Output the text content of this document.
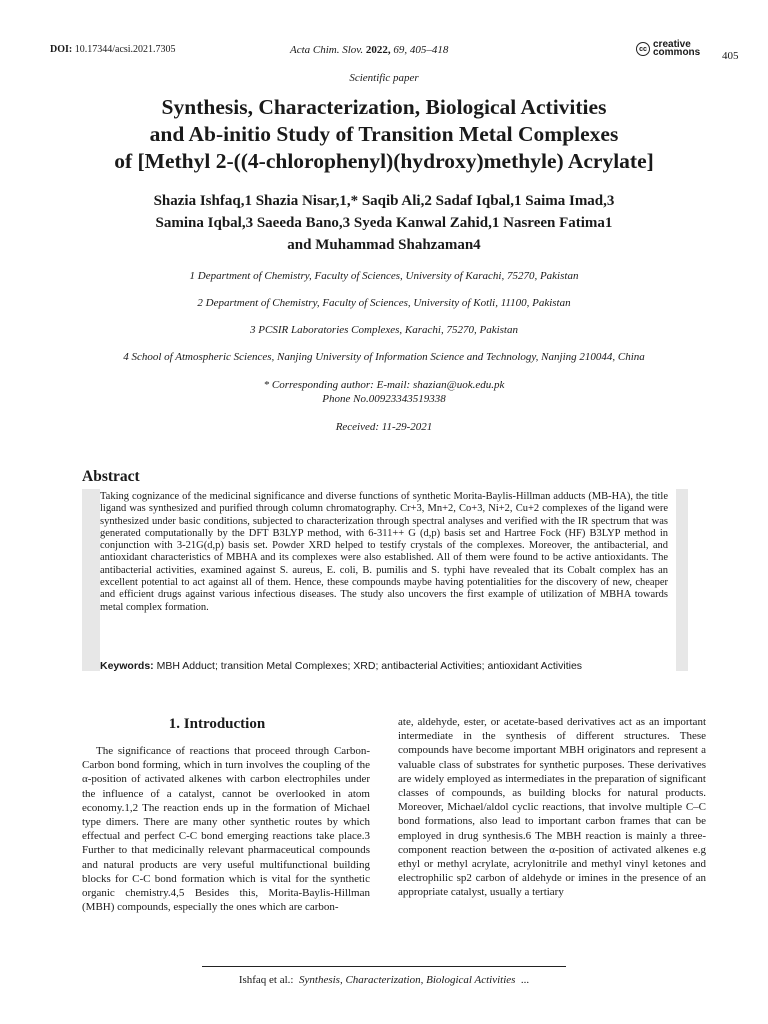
DOI: 10.17344/acsi.2021.7305	Acta Chim. Slov. 2022, 69, 405–418	cc creative
commons 405
Scientific paper
Synthesis, Characterization, Biological Activities
and Ab-initio Study of Transition Metal Complexes
of [Methyl 2-((4-chlorophenyl)(hydroxy)methyle) Acrylate]
Shazia Ishfaq,1 Shazia Nisar,1,* Saqib Ali,2 Sadaf Iqbal,1 Saima Imad,3
Samina Iqbal,3 Saeeda Bano,3 Syeda Kanwal Zahid,1 Nasreen Fatima1
and Muhammad Shahzaman4
1 Department of Chemistry, Faculty of Sciences, University of Karachi, 75270, Pakistan
2 Department of Chemistry, Faculty of Sciences, University of Kotli, 11100, Pakistan
3 PCSIR Laboratories Complexes, Karachi, 75270, Pakistan
4 School of Atmospheric Sciences, Nanjing University of Information Science and Technology, Nanjing 210044, China
* Corresponding author: E-mail: shazian@uok.edu.pk
Phone No.00923343519338
Received: 11-29-2021
Abstract
Taking cognizance of the medicinal significance and diverse functions of synthetic Morita-Baylis-Hillman adducts (MB-HA), the title ligand was synthesized and purified through column chromatography. Cr+3, Mn+2, Co+3, Ni+2, Cu+2 complexes of the ligand were synthesized under basic conditions, subjected to characterization through spectral analyses and verified with the IR spectrum that was generated computationally by the DFT B3LYP method, with 6-311++ G (d,p) basis set and Hartree Fock (HF) B3LYP method in conjunction with 3-21G(d,p) basis set. Powder XRD helped to testify crystals of the complexes. Moreover, the antibacterial, and antioxidant characteristics of MBHA and its complexes were also established. All of them were found to be active antioxidants. The antibacterial activities, examined against S. aureus, E. coli, B. pumilis and S. typhi have revealed that its Cobalt complex has an excellent potential to act against all of them. Hence, these compounds maybe having potentialities for the discovery of new, cheaper and efficient drugs against various infectious diseases. The study also uncovers the first example of utilization of MBHA towards metal complex formation.
Keywords: MBH Adduct; transition Metal Complexes; XRD; antibacterial Activities; antioxidant Activities
1. Introduction

The significance of reactions that proceed through Carbon-Carbon bond forming, which in turn involves the coupling of the α-position of activated alkenes with carbon electrophiles under the influence of a catalyst, cannot be overlooked in atom economy.1,2 The reaction ends up in the formation of Michael type dimers. There are many other synthetic routes by which effectual and perfect C-C bond emerging reactions take place.3 Further to that medicinally relevant pharmaceutical compounds and natural products are very useful multifunctional building blocks for C-C bond formation which is vital for the synthetic organic chemistry.4,5 Besides this, Morita-Baylis-Hillman (MBH) compounds, especially the ones which are carbon-

ate, aldehyde, ester, or acetate-based derivatives act as an important intermediate in the synthesis of different structures. These compounds have become important MBH originators and represent a valuable class of substrates for synthetic purposes. These derivatives are widely employed as intermediates in the preparation of significant classes of compounds, as building blocks for natural products. Moreover, Michael/aldol cyclic reactions, that involve multiple C–C bond formations, also lead to important carbon frames that can be employed in drug synthesis.6 The MBH reaction is mainly a three-component reaction between the α-position of activated alkenes e.g ethyl or methyl acrylate, acrylonitrile and methyl vinyl ketones and electrophilic sp2 carbon of aldehyde or imines in the presence of an appropriate catalyst, usually a tertiary

Ishfaq et al.: Synthesis, Characterization, Biological Activities ...
